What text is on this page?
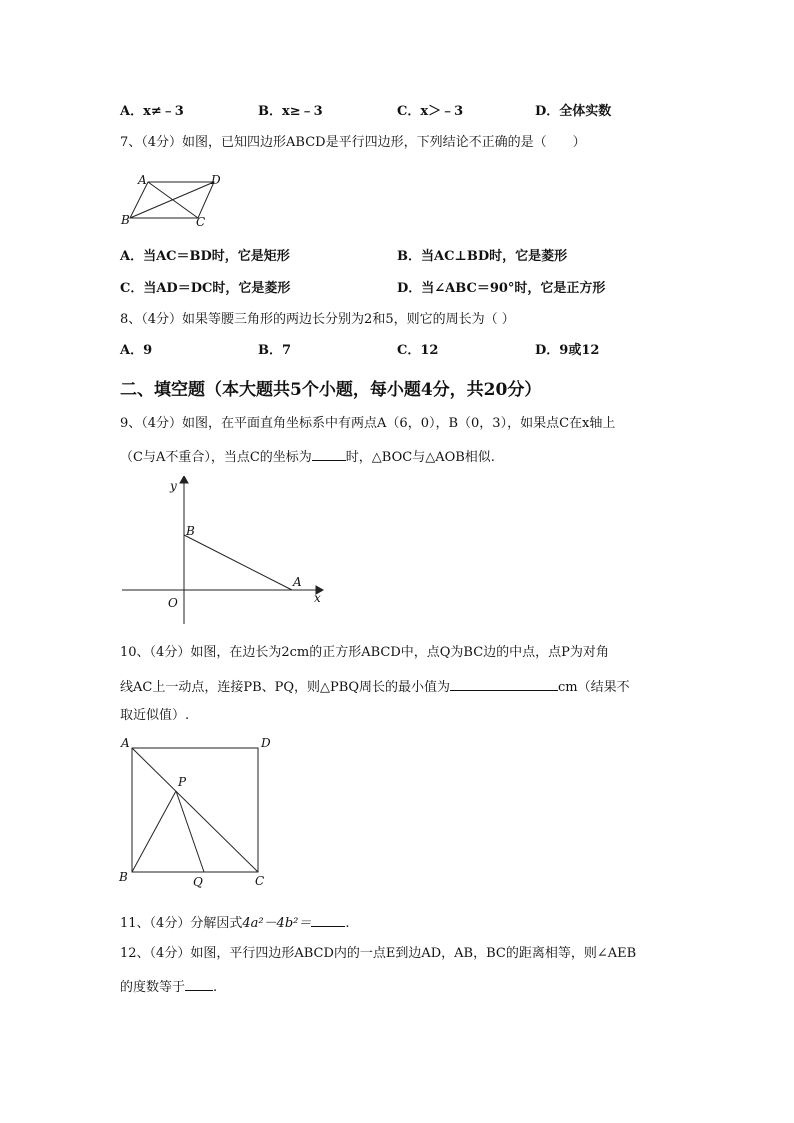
A．x≠﹣3	B．x≥﹣3	C．x＞﹣3	D．全体实数
7、（4分）如图，已知四边形ABCD是平行四边形，下列结论不正确的是（　　）
A	D
B	C
A．当AC＝BD时，它是矩形	B．当AC⊥BD时，它是菱形
C．当AD＝DC时，它是菱形	D．当∠ABC＝90°时，它是正方形
8、（4分）如果等腰三角形的两边长分别为2和5，则它的周长为（ ）
A．9	B．7	C．12	D．9或12
二、填空题（本大题共5个小题，每小题4分，共20分）
9、（4分）如图，在平面直角坐标系中有两点A（6，0），B（0，3），如果点C在x轴上
（C与A不重合），当点C的坐标为	时，△BOC与△AOB相似.
y
x
B
A
O
10、（4分）如图，在边长为2cm的正方形ABCD中，点Q为BC边的中点，点P为对角
线AC上一动点，连接PB、PQ，则△PBQ周长的最小值为	cm（结果不
取近似值）.
A	D
P
B	Q	C
11、（4分）分解因式4a²－4b²＝	.
12、（4分）如图，平行四边形ABCD内的一点E到边AD，AB，BC的距离相等，则∠AEB
的度数等于 .
